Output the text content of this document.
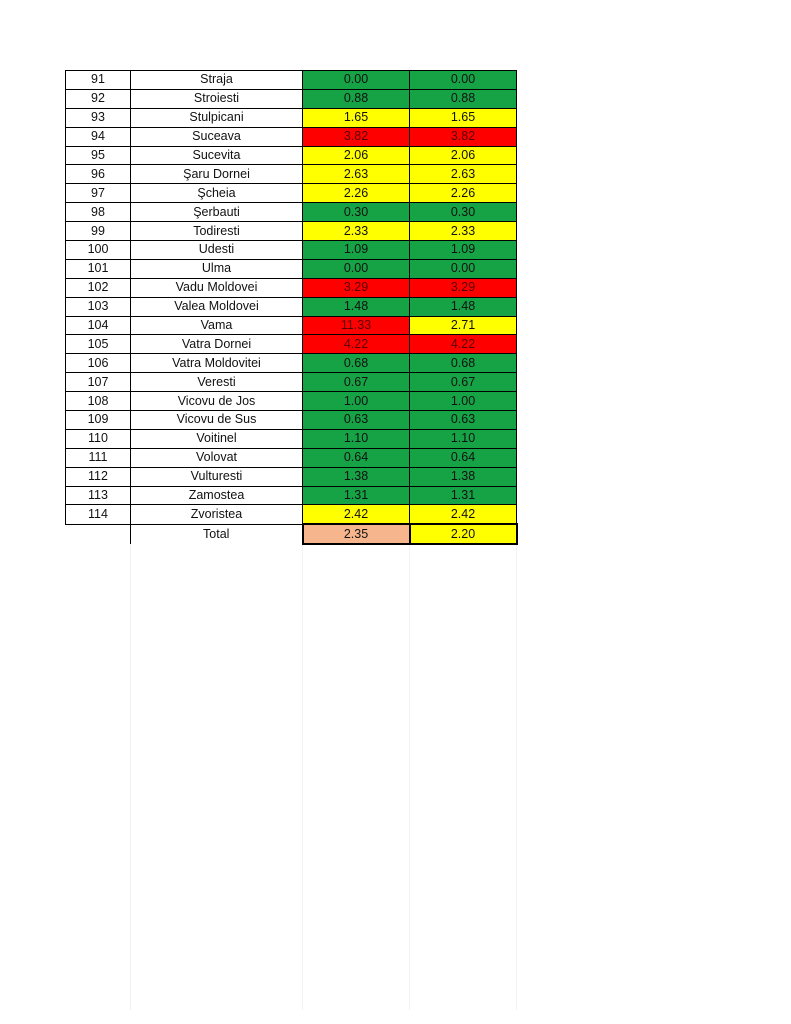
91	Straja	0.00	0.00
92	Stroiesti	0.88	0.88
93	Stulpicani	1.65	1.65
94	Suceava	3.82	3.82
95	Sucevita	2.06	2.06
96	Şaru Dornei	2.63	2.63
97	Şcheia	2.26	2.26
98	Şerbauti	0.30	0.30
99	Todiresti	2.33	2.33
100	Udesti	1.09	1.09
101	Ulma	0.00	0.00
102	Vadu Moldovei	3.29	3.29
103	Valea Moldovei	1.48	1.48
104	Vama	11.33	2.71
105	Vatra Dornei	4.22	4.22
106	Vatra Moldovitei	0.68	0.68
107	Veresti	0.67	0.67
108	Vicovu de Jos	1.00	1.00
109	Vicovu de Sus	0.63	0.63
110	Voitinel	1.10	1.10
111	Volovat	0.64	0.64
112	Vulturesti	1.38	1.38
113	Zamostea	1.31	1.31
114	Zvoristea	2.42	2.42
	Total	2.35	2.20
